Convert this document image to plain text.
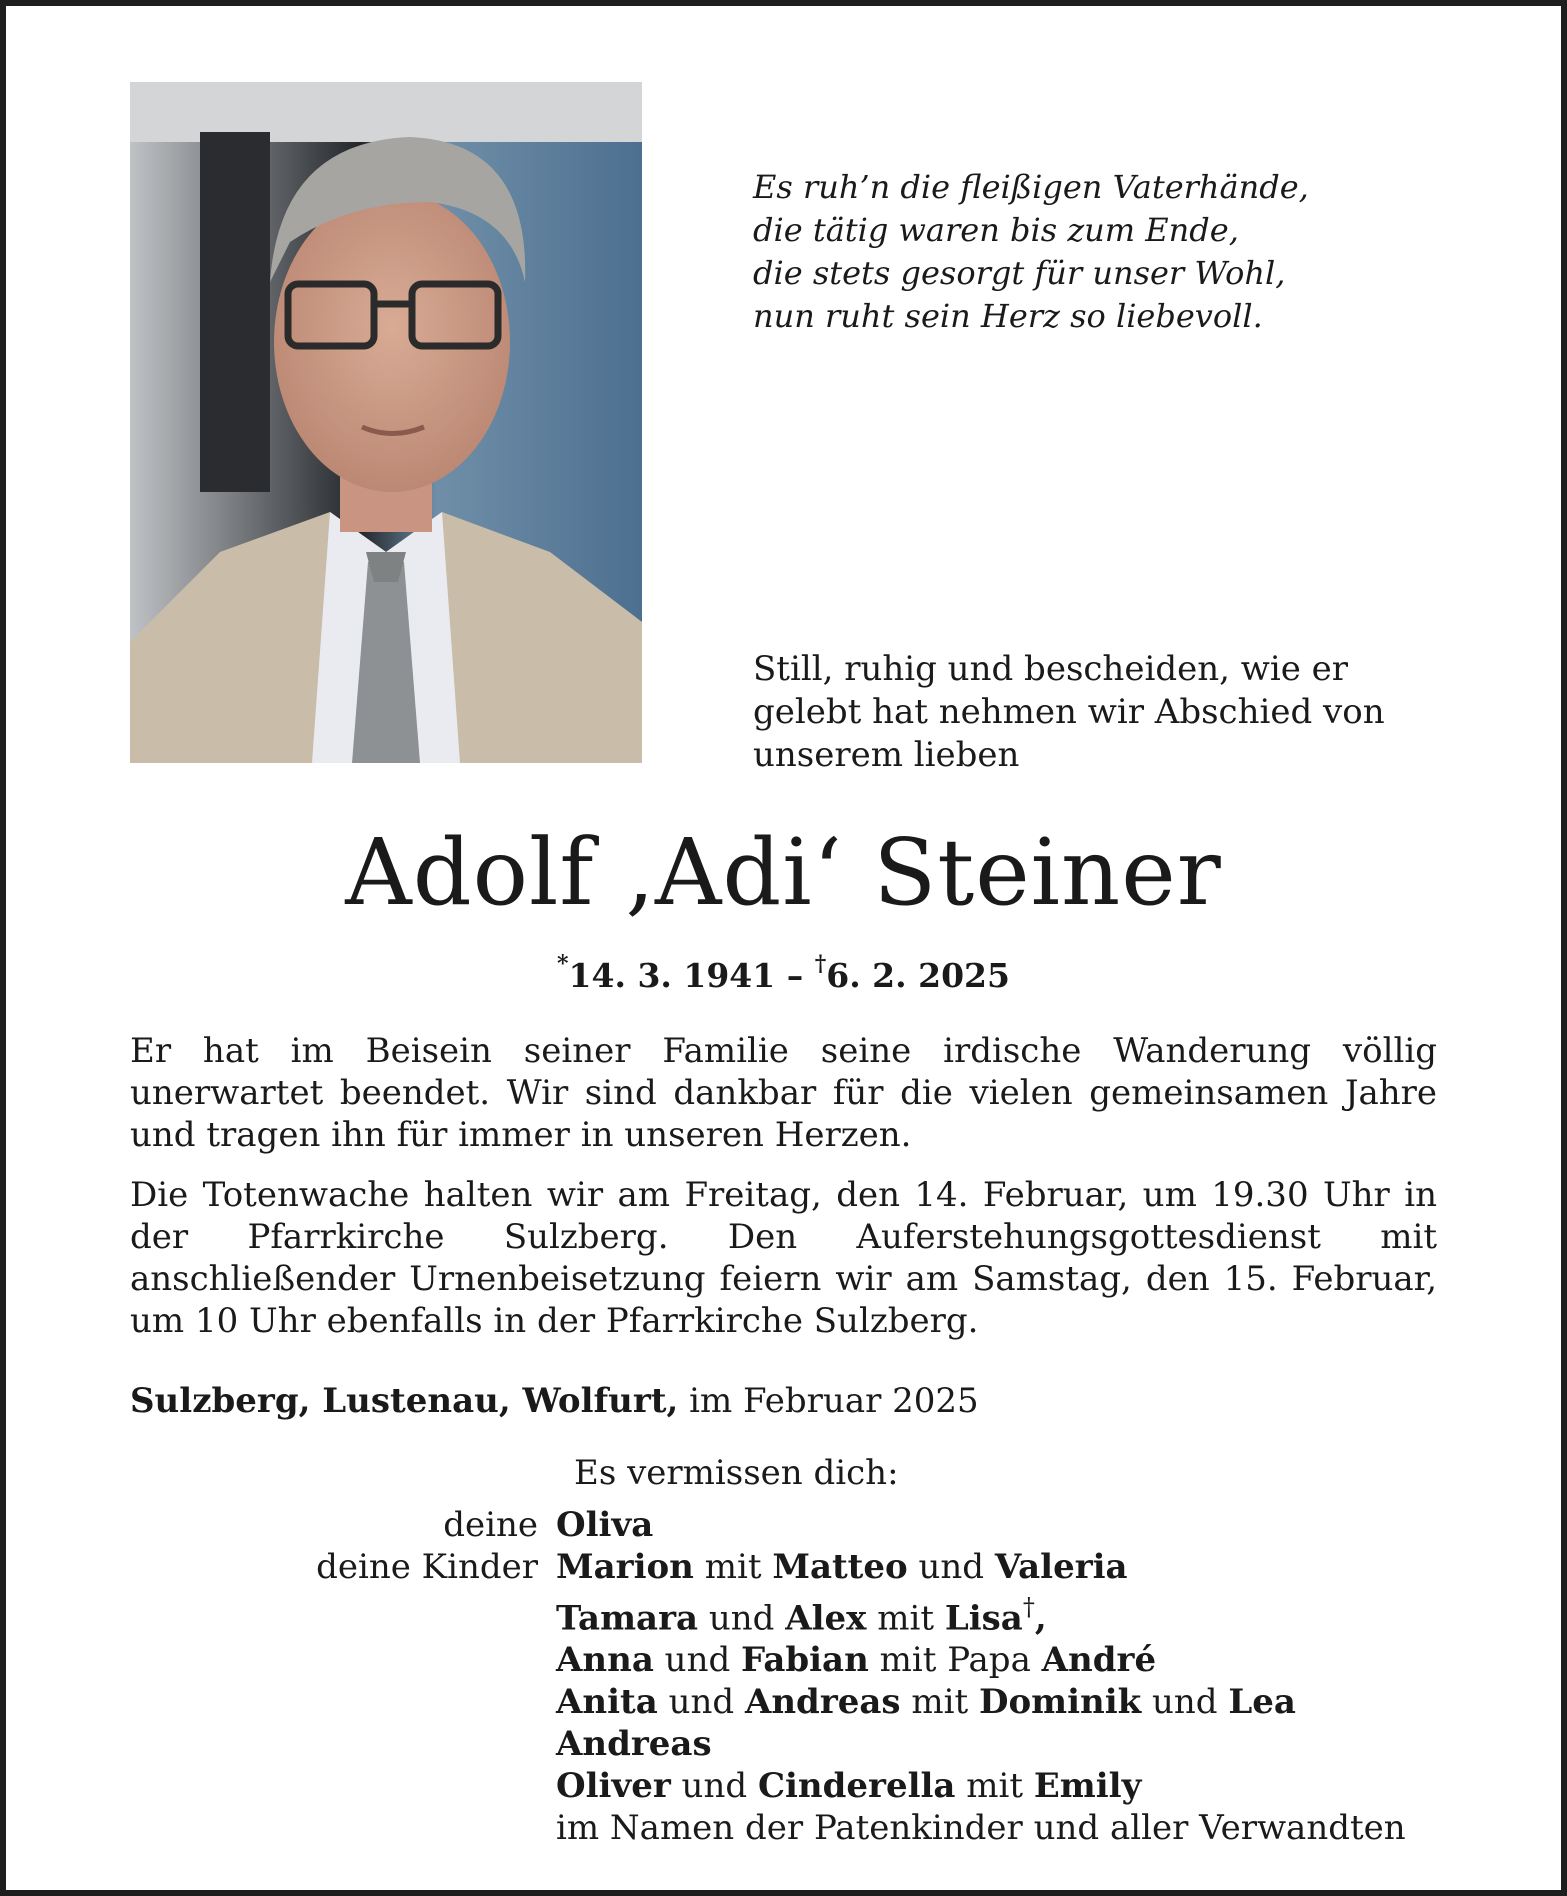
Es ruh’n die fleißigen Vaterhände,
die tätig waren bis zum Ende,
die stets gesorgt für unser Wohl,
nun ruht sein Herz so liebevoll.
Still, ruhig und bescheiden, wie er gelebt hat nehmen wir Abschied von unserem lieben
Adolf ‚Adi‘ Steiner
*14. 3. 1941 – †6. 2. 2025

Er hat im Beisein seiner Familie seine irdische Wanderung völlig unerwartet beendet. Wir sind dankbar für die vielen gemeinsamen Jahre und tragen ihn für immer in unseren Herzen.

Die Totenwache halten wir am Freitag, den 14. Februar, um 19.30 Uhr in der Pfarrkirche Sulzberg. Den Auferstehungsgottesdienst mit anschließender Urnenbeisetzung feiern wir am Samstag, den 15. Februar, um 10 Uhr ebenfalls in der Pfarrkirche Sulzberg.

Sulzberg, Lustenau, Wolfurt, im Februar 2025
Es vermissen dich:
deine Oliva
deine Kinder Marion mit Matteo und Valeria
Tamara und Alex mit Lisa†,
Anna und Fabian mit Papa André
Anita und Andreas mit Dominik und Lea
Andreas
Oliver und Cinderella mit Emily
im Namen der Patenkinder und aller Verwandten
